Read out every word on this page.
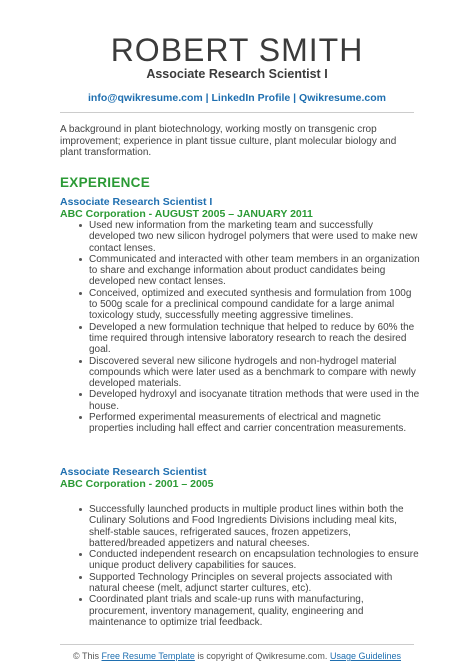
ROBERT SMITH
Associate Research Scientist I
info@qwikresume.com | LinkedIn Profile | Qwikresume.com
A background in plant biotechnology, working mostly on transgenic crop improvement; experience in plant tissue culture, plant molecular biology and plant transformation.
EXPERIENCE
Associate Research Scientist I
ABC Corporation - AUGUST 2005 – JANUARY 2011
Used new information from the marketing team and successfully developed two new silicon hydrogel polymers that were used to make new contact lenses.
Communicated and interacted with other team members in an organization to share and exchange information about product candidates being developed new contact lenses.
Conceived, optimized and executed synthesis and formulation from 100g to 500g scale for a preclinical compound candidate for a large animal toxicology study, successfully meeting aggressive timelines.
Developed a new formulation technique that helped to reduce by 60% the time required through intensive laboratory research to reach the desired goal.
Discovered several new silicone hydrogels and non-hydrogel material compounds which were later used as a benchmark to compare with newly developed materials.
Developed hydroxyl and isocyanate titration methods that were used in the house.
Performed experimental measurements of electrical and magnetic properties including hall effect and carrier concentration measurements.
Associate Research Scientist
ABC Corporation - 2001 – 2005
Successfully launched products in multiple product lines within both the Culinary Solutions and Food Ingredients Divisions including meal kits, shelf-stable sauces, refrigerated sauces, frozen appetizers, battered/breaded appetizers and natural cheeses.
Conducted independent research on encapsulation technologies to ensure unique product delivery capabilities for sauces.
Supported Technology Principles on several projects associated with natural cheese (melt, adjunct starter cultures, etc).
Coordinated plant trials and scale-up runs with manufacturing, procurement, inventory management, quality, engineering and maintenance to optimize trial feedback.
© This Free Resume Template is copyright of Qwikresume.com. Usage Guidelines
